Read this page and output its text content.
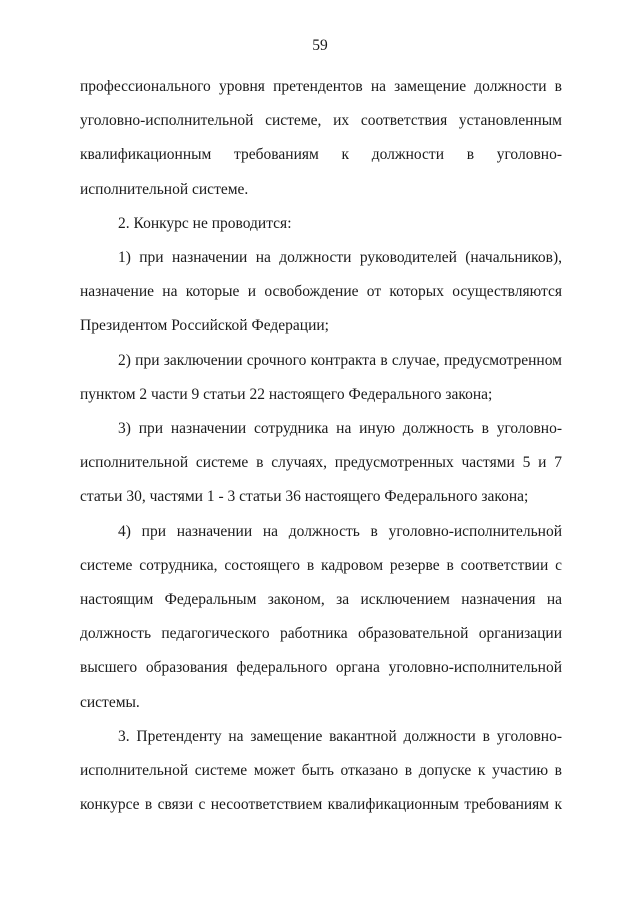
59

профессионального уровня претендентов на замещение должности в уголовно-исполнительной системе, их соответствия установленным квалификационным требованиям к должности в уголовно-исполнительной системе.

2. Конкурс не проводится:

1) при назначении на должности руководителей (начальников), назначение на которые и освобождение от которых осуществляются Президентом Российской Федерации;

2) при заключении срочного контракта в случае, предусмотренном пунктом 2 части 9 статьи 22 настоящего Федерального закона;

3) при назначении сотрудника на иную должность в уголовно-исполнительной системе в случаях, предусмотренных частями 5 и 7 статьи 30, частями 1 - 3 статьи 36 настоящего Федерального закона;

4) при назначении на должность в уголовно-исполнительной системе сотрудника, состоящего в кадровом резерве в соответствии с настоящим Федеральным законом, за исключением назначения на должность педагогического работника образовательной организации высшего образования федерального органа уголовно-исполнительной системы.

3. Претенденту на замещение вакантной должности в уголовно-исполнительной системе может быть отказано в допуске к участию в конкурсе в связи с несоответствием квалификационным требованиям к
